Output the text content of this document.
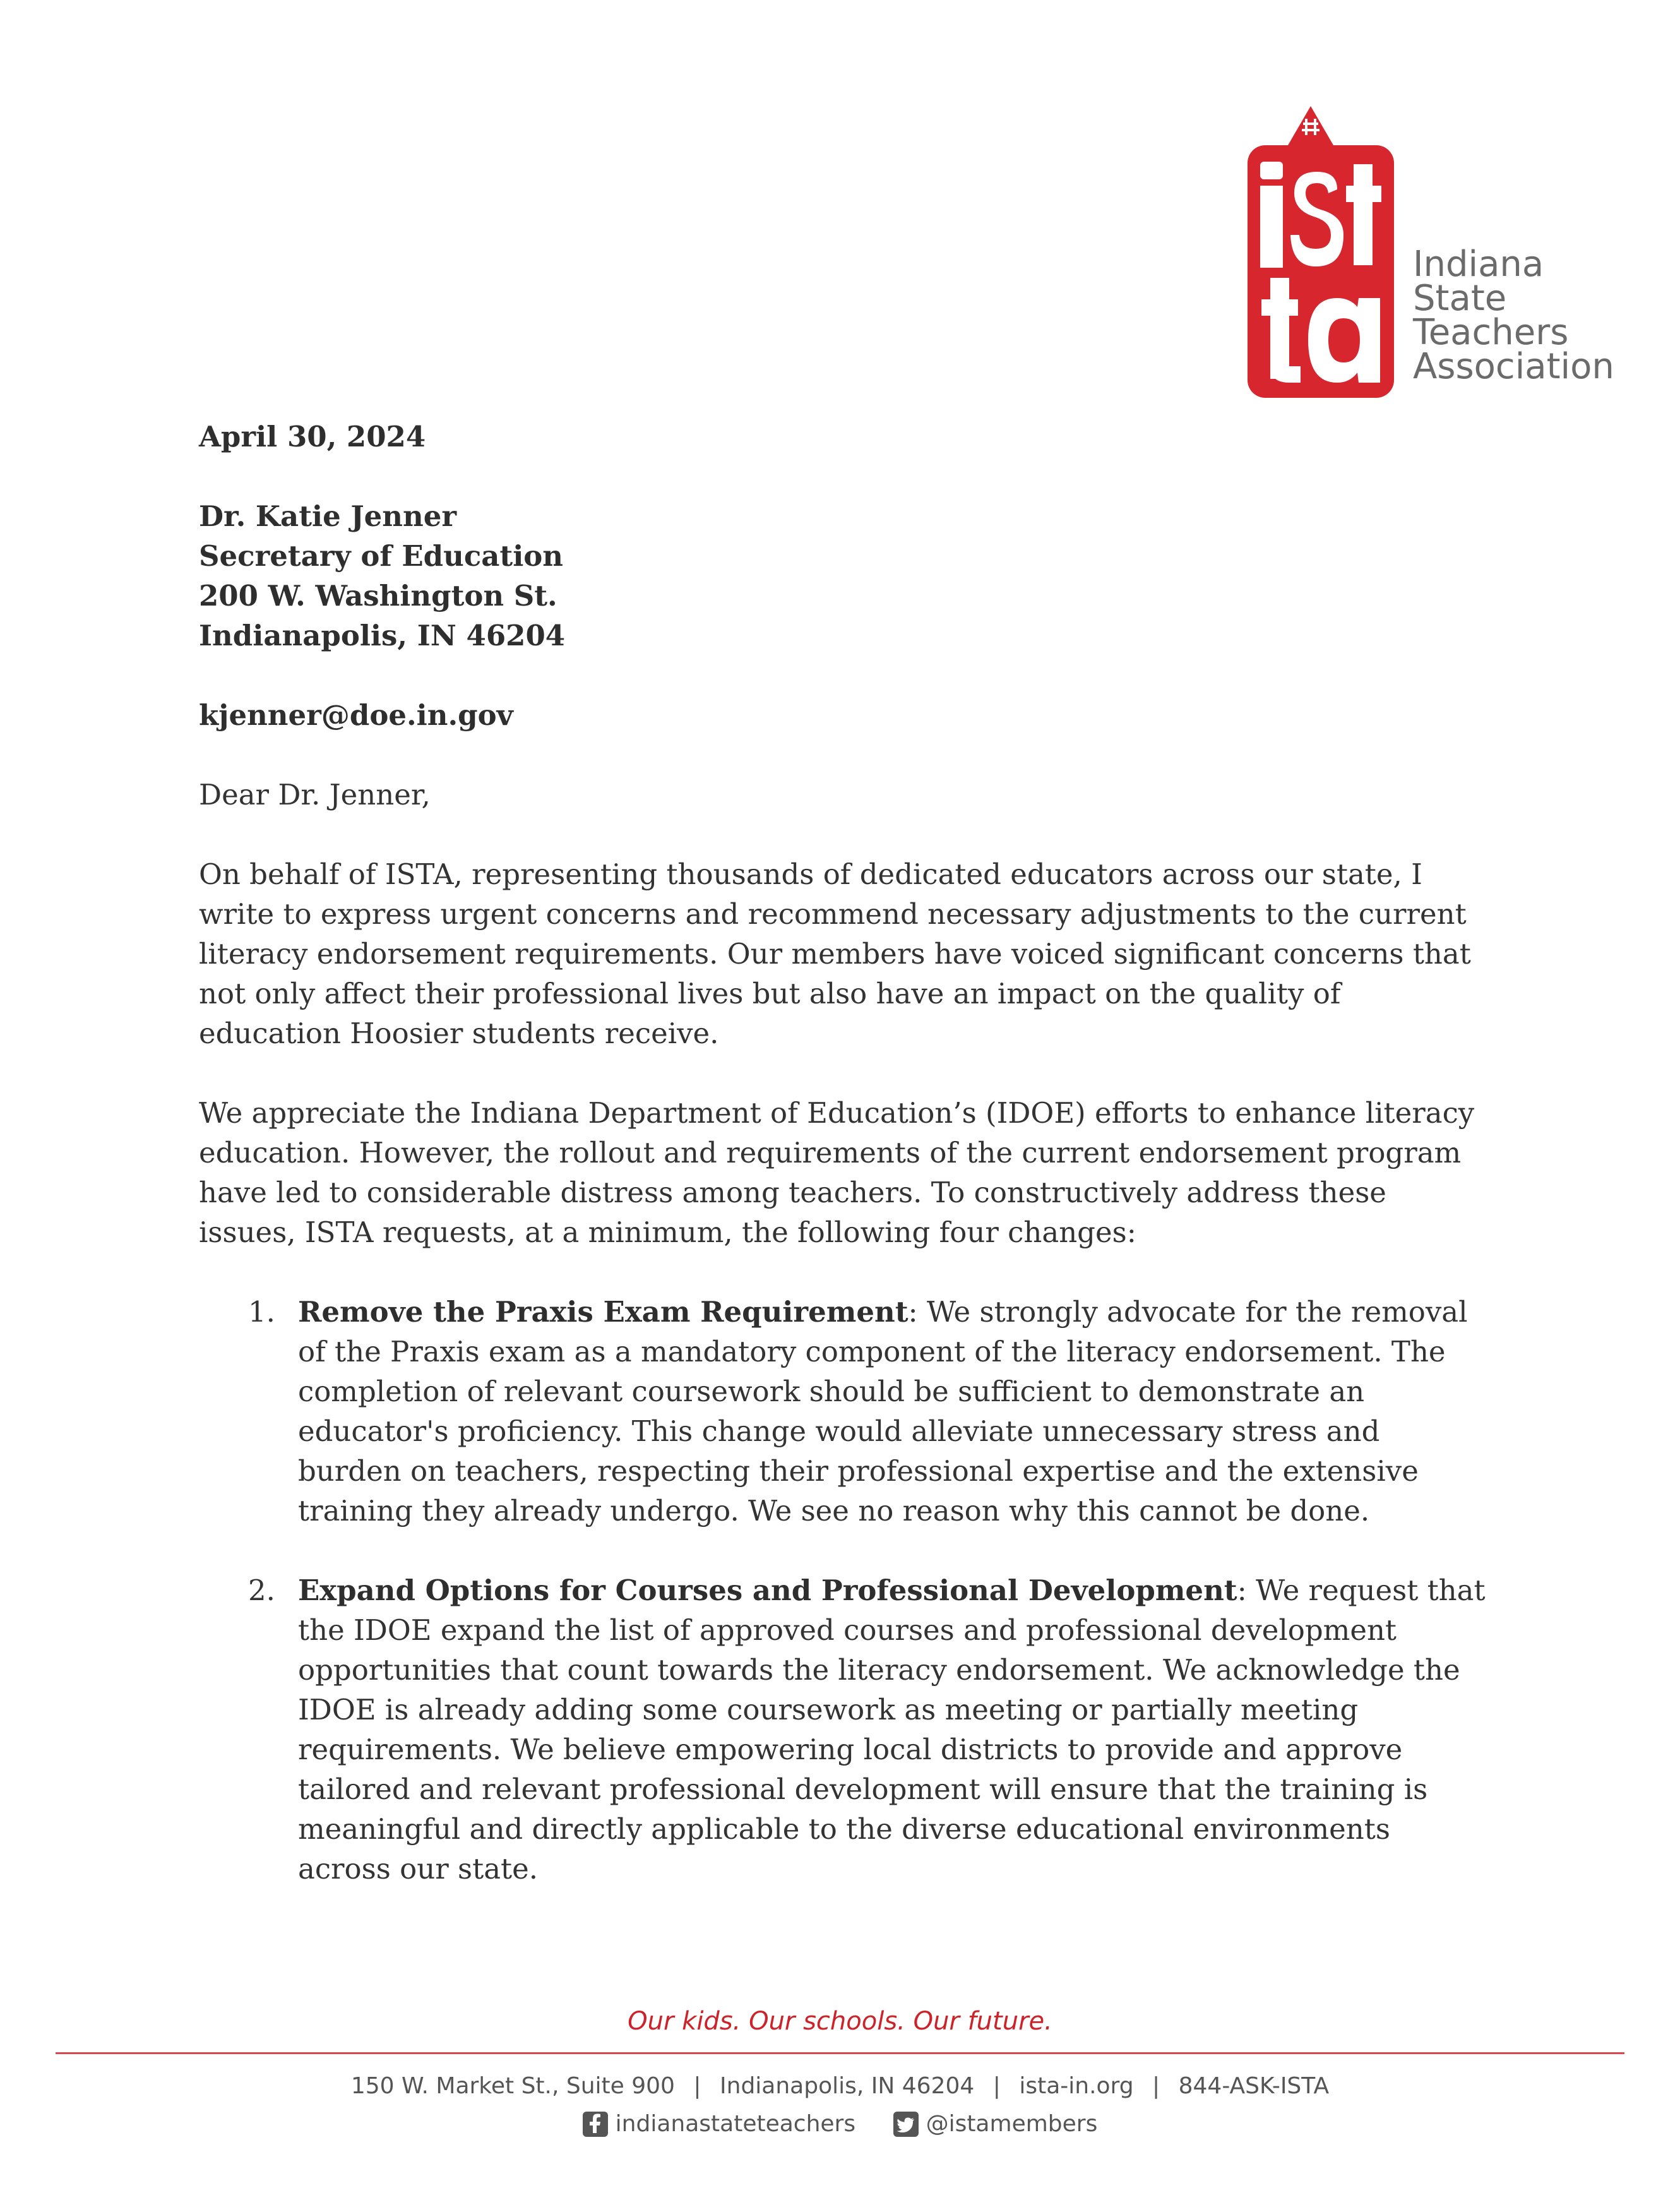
Indiana
State
Teachers
Association

April 30, 2024

Dr. Katie Jenner
Secretary of Education
200 W. Washington St.
Indianapolis, IN 46204

kjenner@doe.in.gov

Dear Dr. Jenner,

On behalf of ISTA, representing thousands of dedicated educators across our state, I write to express urgent concerns and recommend necessary adjustments to the current literacy endorsement requirements. Our members have voiced significant concerns that not only affect their professional lives but also have an impact on the quality of education Hoosier students receive.

We appreciate the Indiana Department of Education’s (IDOE) efforts to enhance literacy education. However, the rollout and requirements of the current endorsement program have led to considerable distress among teachers. To constructively address these issues, ISTA requests, at a minimum, the following four changes:

1. Remove the Praxis Exam Requirement: We strongly advocate for the removal of the Praxis exam as a mandatory component of the literacy endorsement. The completion of relevant coursework should be sufficient to demonstrate an educator's proficiency. This change would alleviate unnecessary stress and burden on teachers, respecting their professional expertise and the extensive training they already undergo. We see no reason why this cannot be done.
2. Expand Options for Courses and Professional Development: We request that the IDOE expand the list of approved courses and professional development opportunities that count towards the literacy endorsement. We acknowledge the IDOE is already adding some coursework as meeting or partially meeting requirements. We believe empowering local districts to provide and approve tailored and relevant professional development will ensure that the training is meaningful and directly applicable to the diverse educational environments across our state.
Our kids. Our schools. Our future.
150 W. Market St., Suite 900 | Indianapolis, IN 46204 | ista-in.org | 844-ASK-ISTA
indianastateteachers
	@istamembers
